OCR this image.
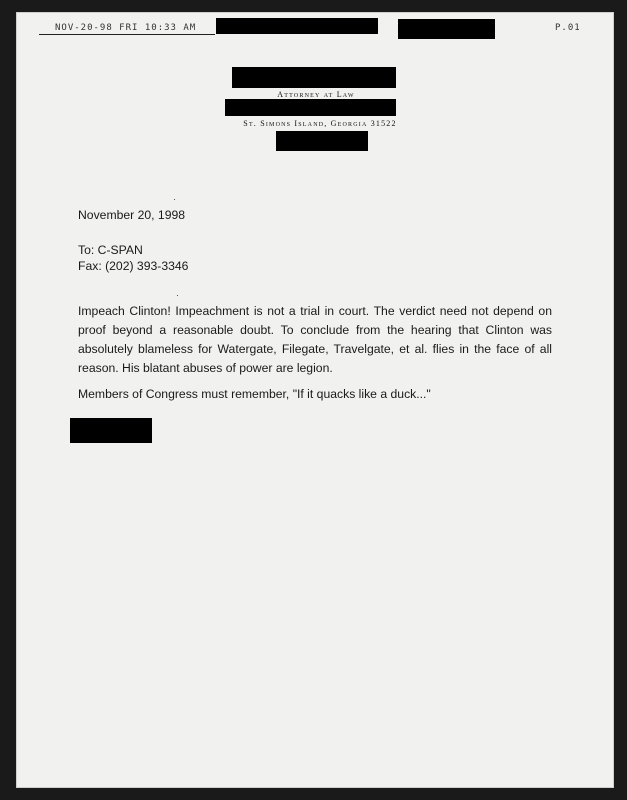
NOV-20-98 FRI 10:33 AM	P.01
Attorney at Law
St. Simons Island, Georgia 31522
November 20, 1998
To: C-SPAN
Fax: (202) 393-3346
Impeach Clinton! Impeachment is not a trial in court. The verdict need not depend on proof beyond a reasonable doubt. To conclude from the hearing that Clinton was absolutely blameless for Watergate, Filegate, Travelgate, et al. flies in the face of all reason. His blatant abuses of power are legion.
Members of Congress must remember, "If it quacks like a duck..."
